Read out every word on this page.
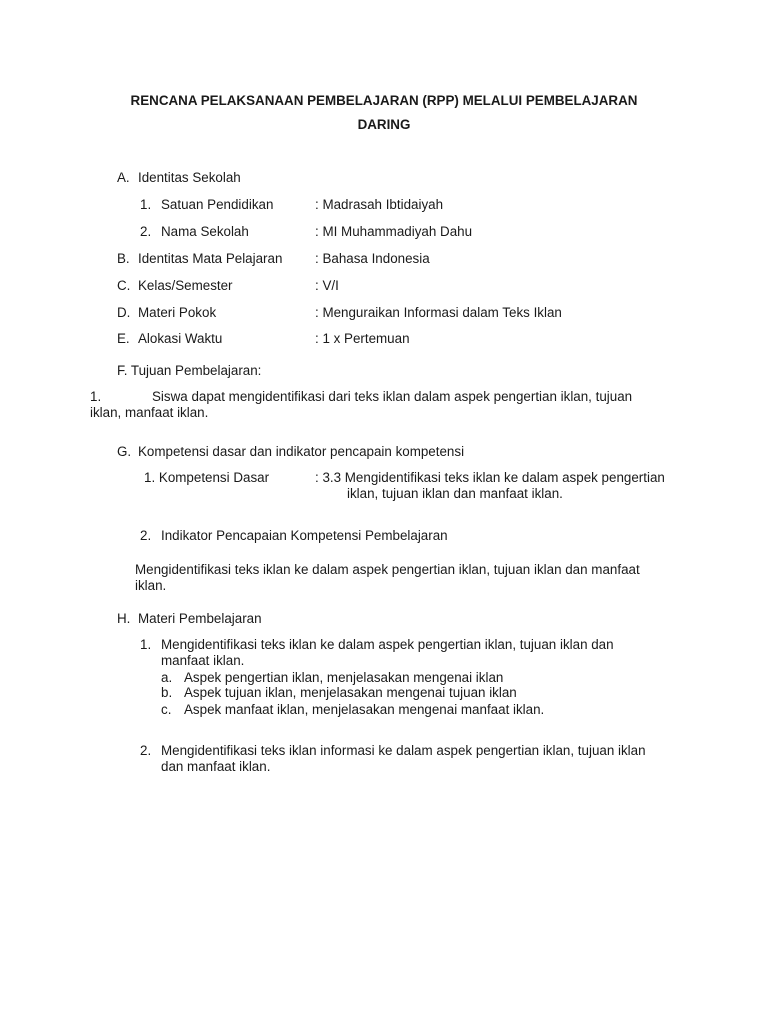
RENCANA PELAKSANAAN PEMBELAJARAN (RPP) MELALUI PEMBELAJARAN
DARING
A. Identitas Sekolah
1. Satuan Pendidikan	: Madrasah Ibtidaiyah
2. Nama Sekolah	: MI Muhammadiyah Dahu
B. Identitas Mata Pelajaran : Bahasa Indonesia
C. Kelas/Semester	: V/I
D. Materi Pokok	: Menguraikan Informasi dalam Teks Iklan
E. Alokasi Waktu	: 1 x Pertemuan
F. Tujuan Pembelajaran:
1.	Siswa dapat mengidentifikasi dari teks iklan dalam aspek pengertian iklan, tujuan
iklan, manfaat iklan.
G. Kompetensi dasar dan indikator pencapain kompetensi
1. Kompetensi Dasar	: 3.3 Mengidentifikasi teks iklan ke dalam aspek pengertian
iklan, tujuan iklan dan manfaat iklan.
2. Indikator Pencapaian Kompetensi Pembelajaran
Mengidentifikasi teks iklan ke dalam aspek pengertian iklan, tujuan iklan dan manfaat
iklan.
H. Materi Pembelajaran
1. Mengidentifikasi teks iklan ke dalam aspek pengertian iklan, tujuan iklan dan
manfaat iklan.
a. Aspek pengertian iklan, menjelasakan mengenai iklan
b. Aspek tujuan iklan, menjelasakan mengenai tujuan iklan
c. Aspek manfaat iklan, menjelasakan mengenai manfaat iklan.
2. Mengidentifikasi teks iklan informasi ke dalam aspek pengertian iklan, tujuan iklan
dan manfaat iklan.
